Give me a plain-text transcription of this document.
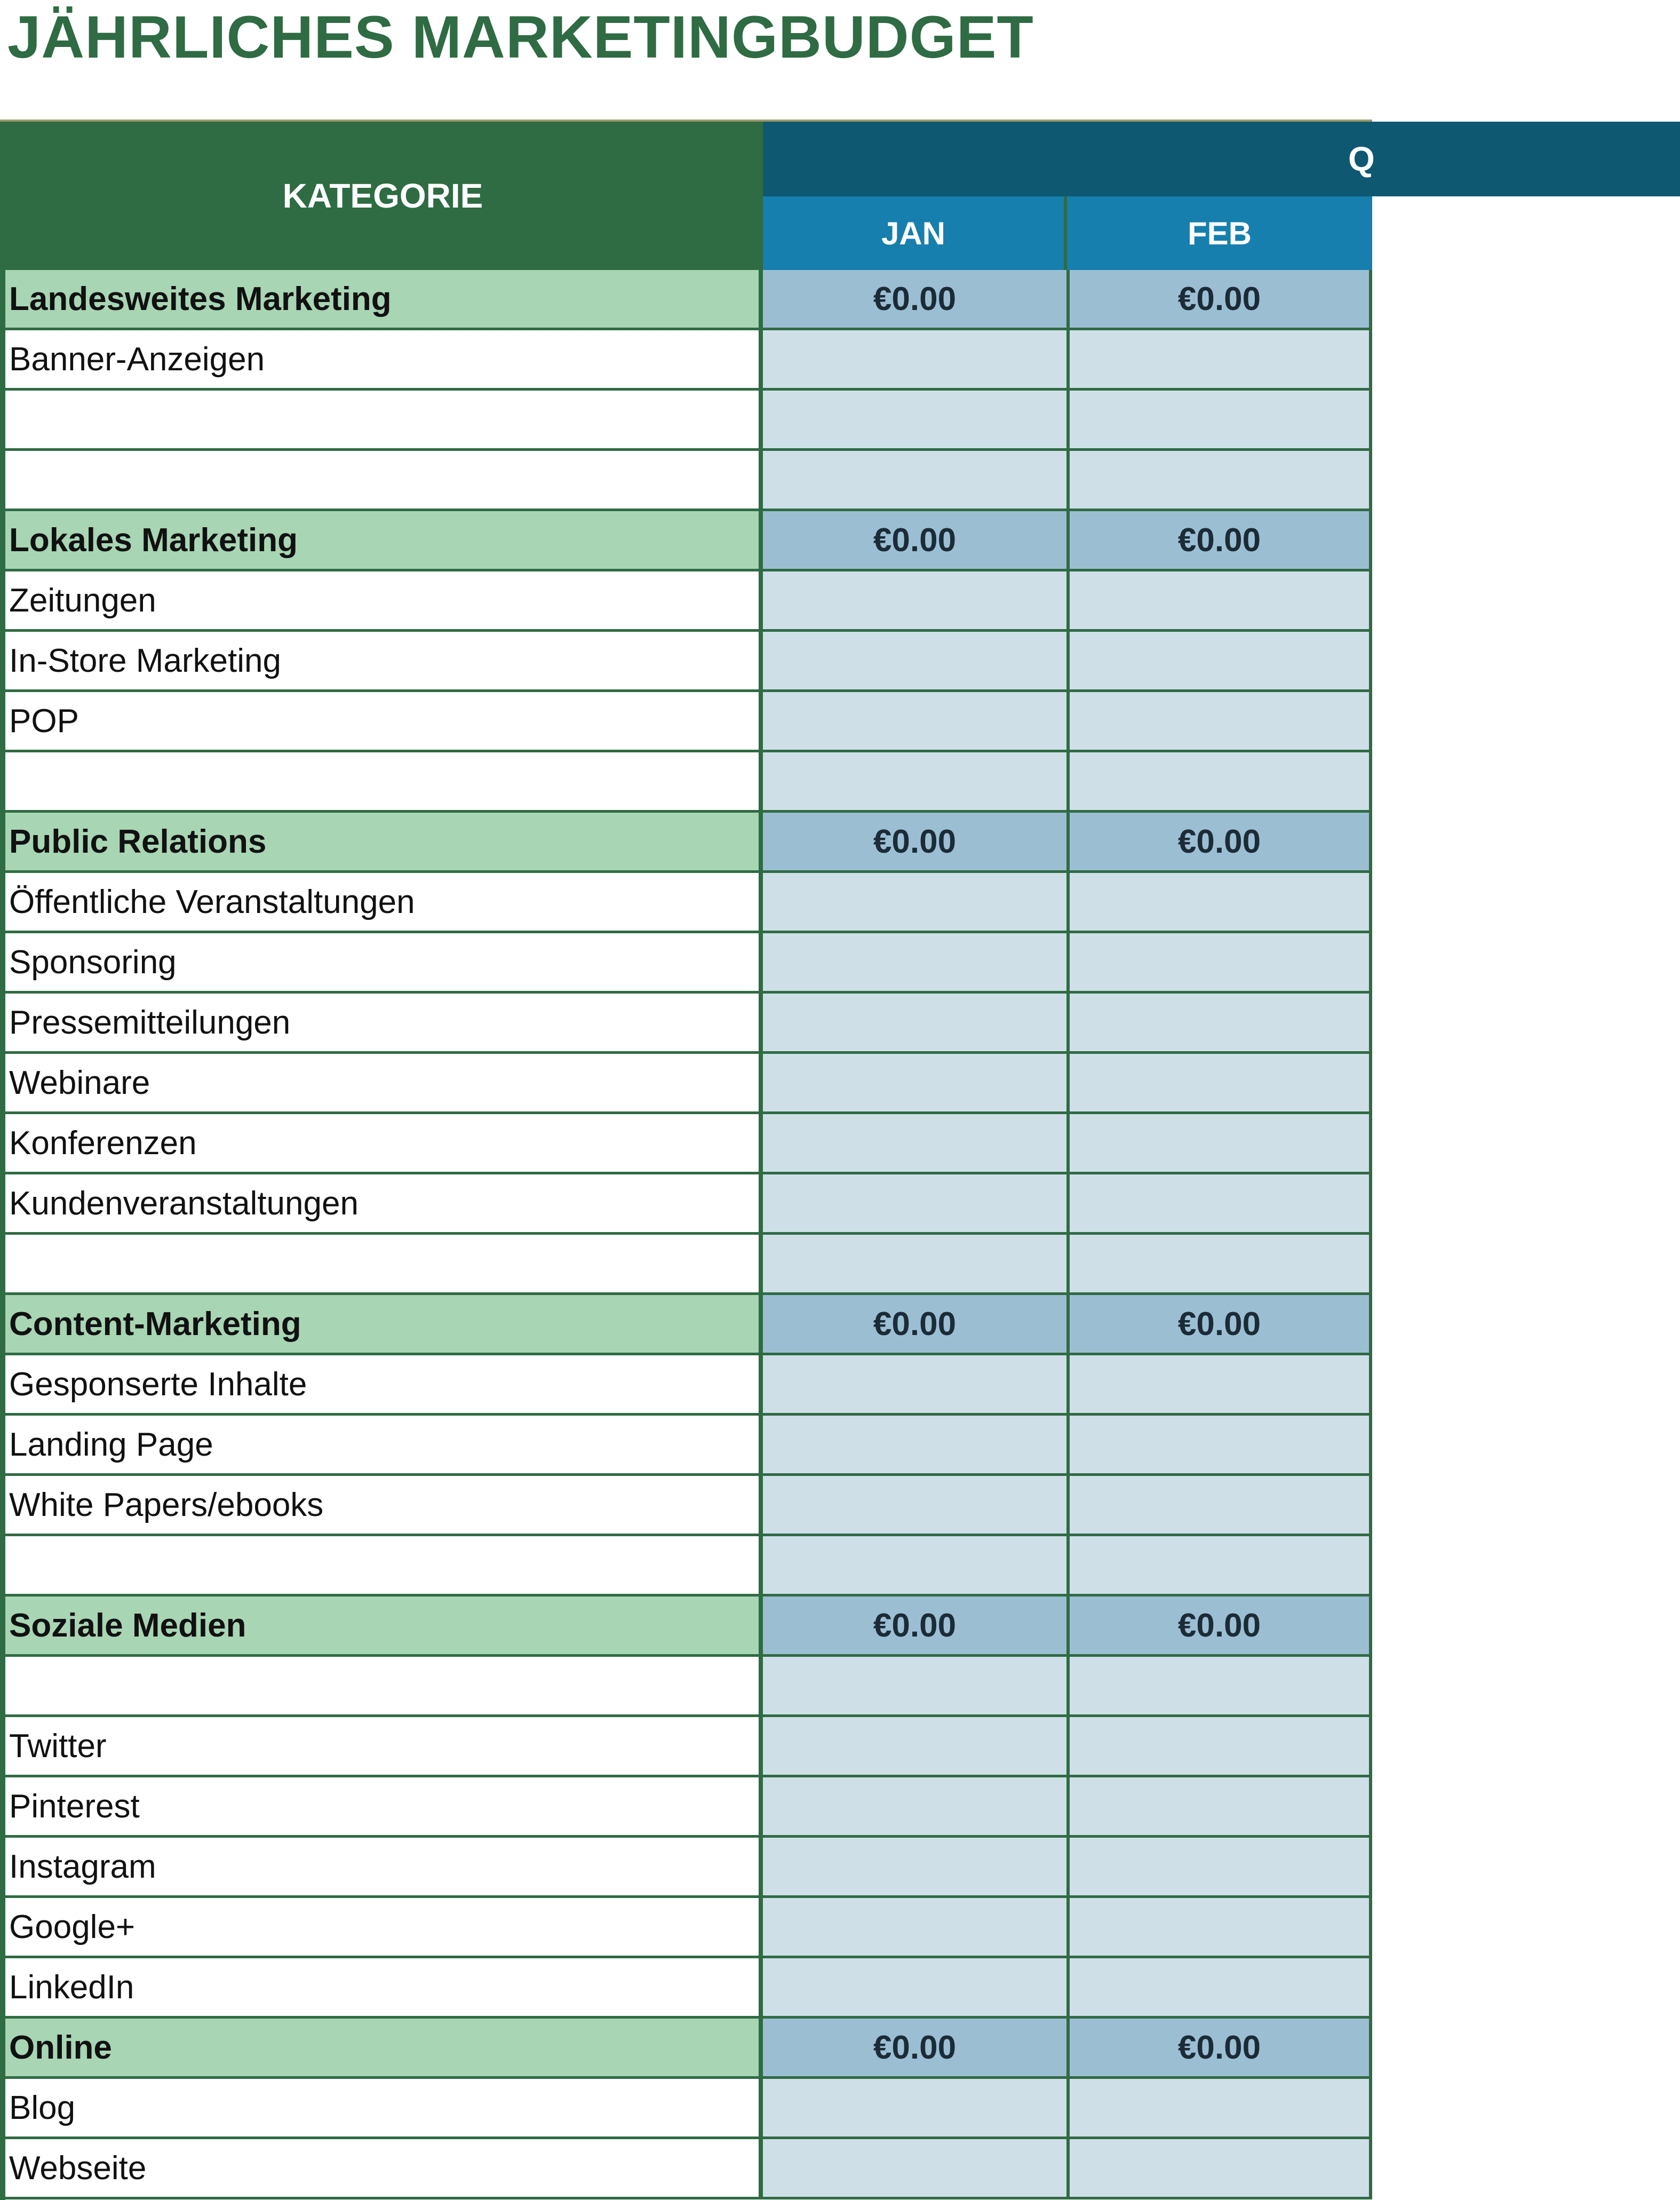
JÄHRLICHES MARKETINGBUDGET
KATEGORIE
Q
JAN	FEB
Landesweites Marketing	€0.00	€0.00
Banner-Anzeigen
Lokales Marketing	€0.00	€0.00
Zeitungen
In-Store Marketing
POP
Public Relations	€0.00	€0.00
Öffentliche Veranstaltungen
Sponsoring
Pressemitteilungen
Webinare
Konferenzen
Kundenveranstaltungen
Content-Marketing	€0.00	€0.00
Gesponserte Inhalte
Landing Page
White Papers/ebooks
Soziale Medien	€0.00	€0.00
Twitter
Pinterest
Instagram
Google+
LinkedIn
Online	€0.00	€0.00
Blog
Webseite
